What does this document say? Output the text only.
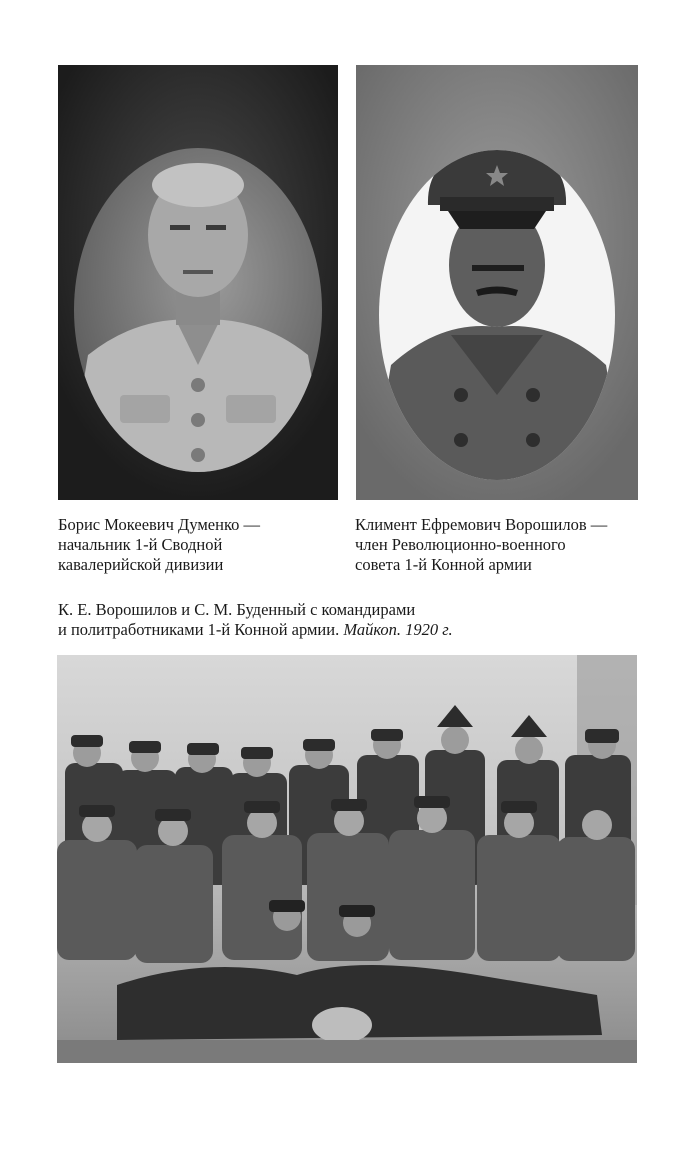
Борис Мокеевич Думенко —
начальник 1-й Сводной
кавалерийской дивизии
Климент Ефремович Ворошилов —
член Революционно-военного
совета 1-й Конной армии
К. Е. Ворошилов и С. М. Буденный с командирами
и политработниками 1-й Конной армии. Майкоп. 1920 г.
